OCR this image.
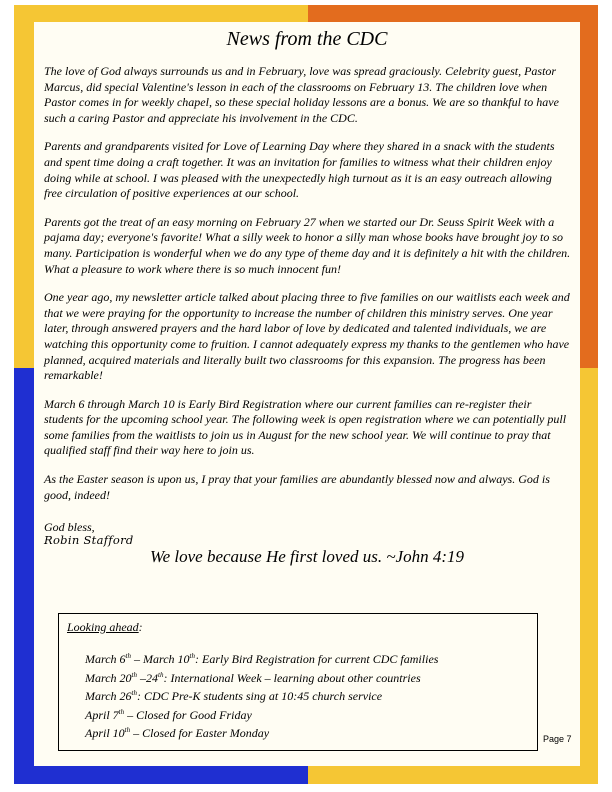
News from the CDC

The love of God always surrounds us and in February, love was spread graciously. Celebrity guest, Pastor Marcus, did special Valentine's lesson in each of the classrooms on February 13. The children love when Pastor comes in for weekly chapel, so these special holiday lessons are a bonus. We are so thankful to have such a caring Pastor and appreciate his involvement in the CDC.

Parents and grandparents visited for Love of Learning Day where they shared in a snack with the students and spent time doing a craft together. It was an invitation for families to witness what their children enjoy doing while at school. I was pleased with the unexpectedly high turnout as it is an easy outreach allowing free circulation of positive experiences at our school.

Parents got the treat of an easy morning on February 27 when we started our Dr. Seuss Spirit Week with a pajama day; everyone's favorite! What a silly week to honor a silly man whose books have brought joy to so many. Participation is wonderful when we do any type of theme day and it is definitely a hit with the children. What a pleasure to work where there is so much innocent fun!

One year ago, my newsletter article talked about placing three to five families on our waitlists each week and that we were praying for the opportunity to increase the number of children this ministry serves. One year later, through answered prayers and the hard labor of love by dedicated and talented individuals, we are watching this opportunity come to fruition. I cannot adequately express my thanks to the gentlemen who have planned, acquired materials and literally built two classrooms for this expansion. The progress has been remarkable!

March 6 through March 10 is Early Bird Registration where our current families can re-register their students for the upcoming school year. The following week is open registration where we can potentially pull some families from the waitlists to join us in August for the new school year. We will continue to pray that qualified staff find their way here to join us.

As the Easter season is upon us, I pray that your families are abundantly blessed now and always. God is good, indeed!

God bless,
Robin Stafford
We love because He first loved us. ~John 4:19
Looking ahead:
March 6th – March 10th: Early Bird Registration for current CDC families
March 20th –24th: International Week – learning about other countries
March 26th: CDC Pre-K students sing at 10:45 church service
April 7th – Closed for Good Friday
April 10th – Closed for Easter Monday	Page 7
